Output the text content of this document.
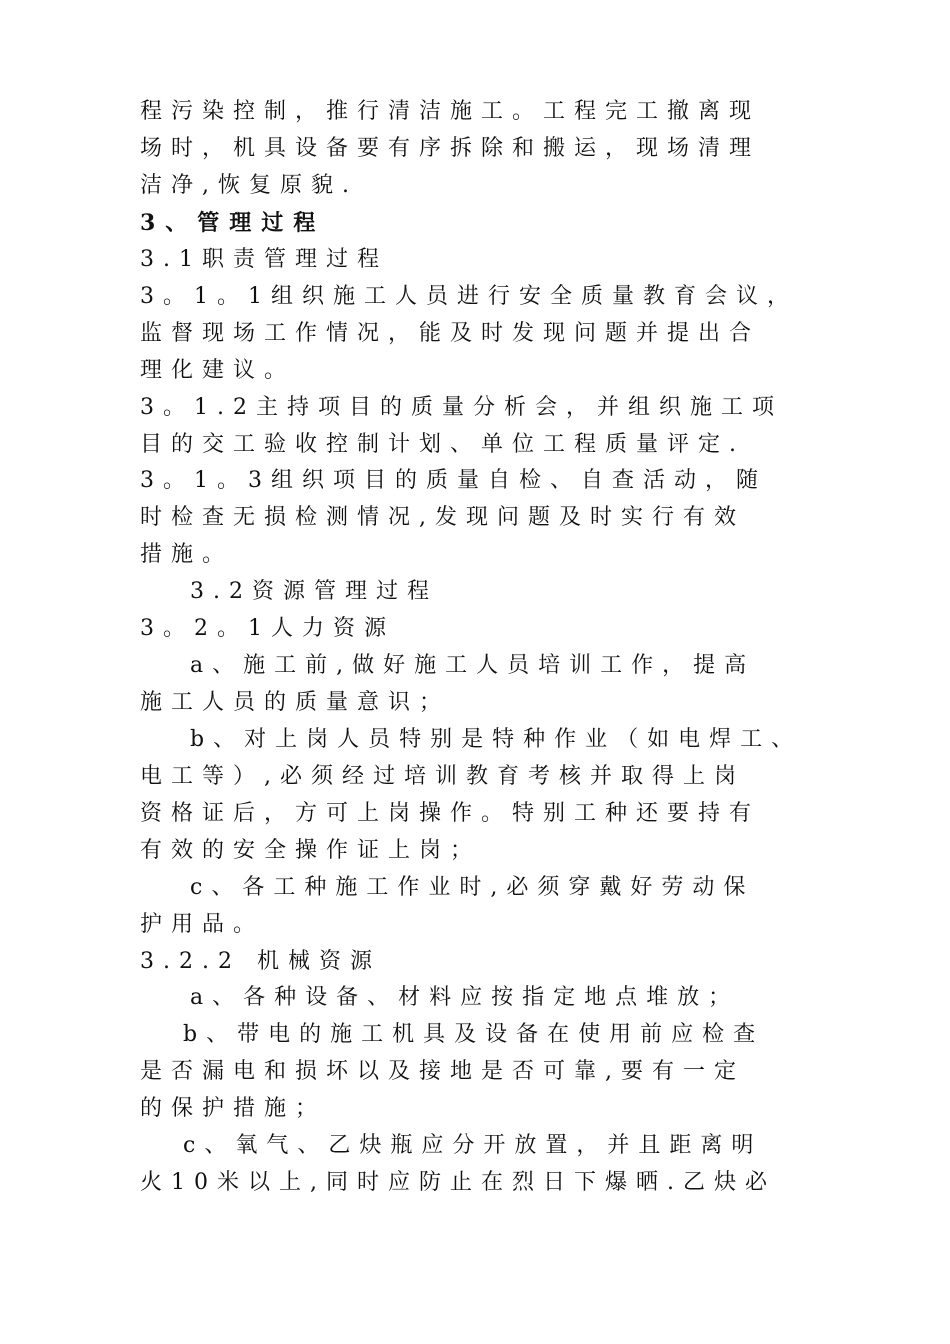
程污染控制，推行清洁施工。工程完工撤离现
场时，机具设备要有序拆除和搬运，现场清理
洁净,恢复原貌.
3、管理过程
3.1职责管理过程
3。1。1组织施工人员进行安全质量教育会议，
监督现场工作情况，能及时发现问题并提出合
理化建议。
3。1.2主持项目的质量分析会，并组织施工项
目的交工验收控制计划、单位工程质量评定.
3。1。3组织项目的质量自检、自查活动，随
时检查无损检测情况,发现问题及时实行有效
措施。
3.2资源管理过程
3。2。1人力资源
a、施工前,做好施工人员培训工作，提高
施工人员的质量意识；
b、对上岗人员特别是特种作业（如电焊工、
电工等）,必须经过培训教育考核并取得上岗
资格证后，方可上岗操作。特别工种还要持有
有效的安全操作证上岗；
c、各工种施工作业时,必须穿戴好劳动保
护用品。
3.2.2 机械资源
a、各种设备、材料应按指定地点堆放；
b、带电的施工机具及设备在使用前应检查
是否漏电和损坏以及接地是否可靠,要有一定
的保护措施；
c、氧气、乙炔瓶应分开放置，并且距离明
火10米以上,同时应防止在烈日下爆晒.乙炔必
